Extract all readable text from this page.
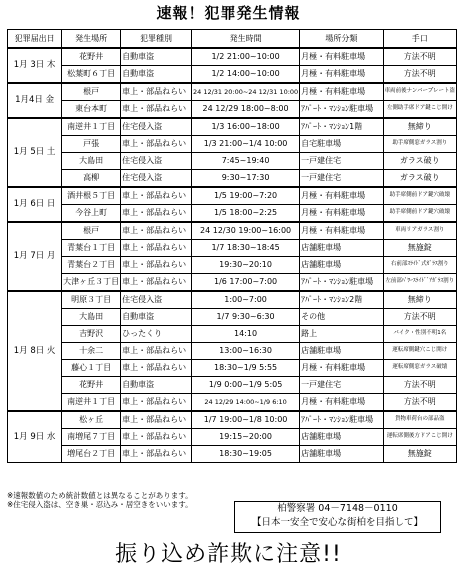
速報！犯罪発生情報
犯罪届出日	発生場所	犯罪種別	発生時間	場所分類	手口
1月 3日 木	花野井	自動車盗	1/2 21:00~10:00	月極・有料駐車場	方法不明
	松葉町６丁目	自動車盗	1/2 14:00~10:00	月極・有料駐車場	方法不明
1月4日 金	根戸	車上・部品ねらい	24 12/31 20:00~24 12/31 10:00	月極・有料駐車場	車両前後ナンバープレート盗
	東台本町	車上・部品ねらい	24 12/29 18:00~8:00	ｱﾊﾟｰﾄ・ﾏﾝｼｮﾝ駐車場	左側助手席ドア鍵こじ開け
1月 5日 土	南逆井１丁目	住宅侵入盗	1/3 16:00~18:00	ｱﾊﾟｰﾄ・ﾏﾝｼｮﾝ1階	無締り
	戸張	車上・部品ねらい	1/3 21:00~1/4 10:00	自宅駐車場	助手席側窓ガラス割り
	大島田	住宅侵入盗	7:45~19:40	一戸建住宅	ガラス破り
	高柳	住宅侵入盗	9:30~17:30	一戸建住宅	ガラス破り
1月 6日 日	酒井根５丁目	車上・部品ねらい	1/5 19:00~7:20	月極・有料駐車場	助手席側前ドア鍵穴破壊
	今谷上町	車上・部品ねらい	1/5 18:00~2:25	月極・有料駐車場	助手席側前ドア鍵穴破壊
1月 7日 月	根戸	車上・部品ねらい	24 12/30 19:00~16:00	月極・有料駐車場	車両リアガラス割り
	青葉台１丁目	車上・部品ねらい	1/7 18:30~18:45	店舗駐車場	無施錠
	青葉台２丁目	車上・部品ねらい	19:30~20:10	店舗駐車場	右前部ｽﾗｲﾄﾞ式ｶﾞﾗｽ割り
	大津ヶ丘３丁目	車上・部品ねらい	1/6 17:00~7:00	ｱﾊﾟｰﾄ・ﾏﾝｼｮﾝ駐車場	左前部ﾊﾟﾜｰｽﾗｲﾄﾞﾞｱｶﾞﾗｽ割り
1月 8日 火	明原３丁目	住宅侵入盗	1:00~7:00	ｱﾊﾟｰﾄ・ﾏﾝｼｮﾝ2階	無締り
	大島田	自動車盗	1/7 9:30~6:30	その他	方法不明
	吉野沢	ひったくり	14:10	路上	バイク・性別不明1名
	十余二	車上・部品ねらい	13:00~16:30	店舗駐車場	運転席側鍵穴こじ開け
	藤心１丁目	車上・部品ねらい	18:30~1/9 5:55	月極・有料駐車場	運転席側窓ガラス破壊
	花野井	自動車盗	1/9 0:00~1/9 5:05	一戸建住宅	方法不明
	南逆井１丁目	車上・部品ねらい	24 12/29 14:00~1/9 6:10	月極・有料駐車場	方法不明
1月 9日 水	松ヶ丘	車上・部品ねらい	1/7 19:00~1/8 10:00	ｱﾊﾟｰﾄ・ﾏﾝｼｮﾝ駐車場	貨物車荷台の部品盗
	南増尾７丁目	車上・部品ねらい	19:15~20:00	店舗駐車場	運転席側後方ドアこじ開け
	増尾台２丁目	車上・部品ねらい	18:30~19:05	店舗駐車場	無施錠
※速報数値のため統計数値とは異なることがあります。
※住宅侵入盗は、空き巣・忍込み・居空きをいいます。	柏警察署 04－7148－0110
【日本一安全で安心な街柏を目指して】
振り込め詐欺に注意!!
